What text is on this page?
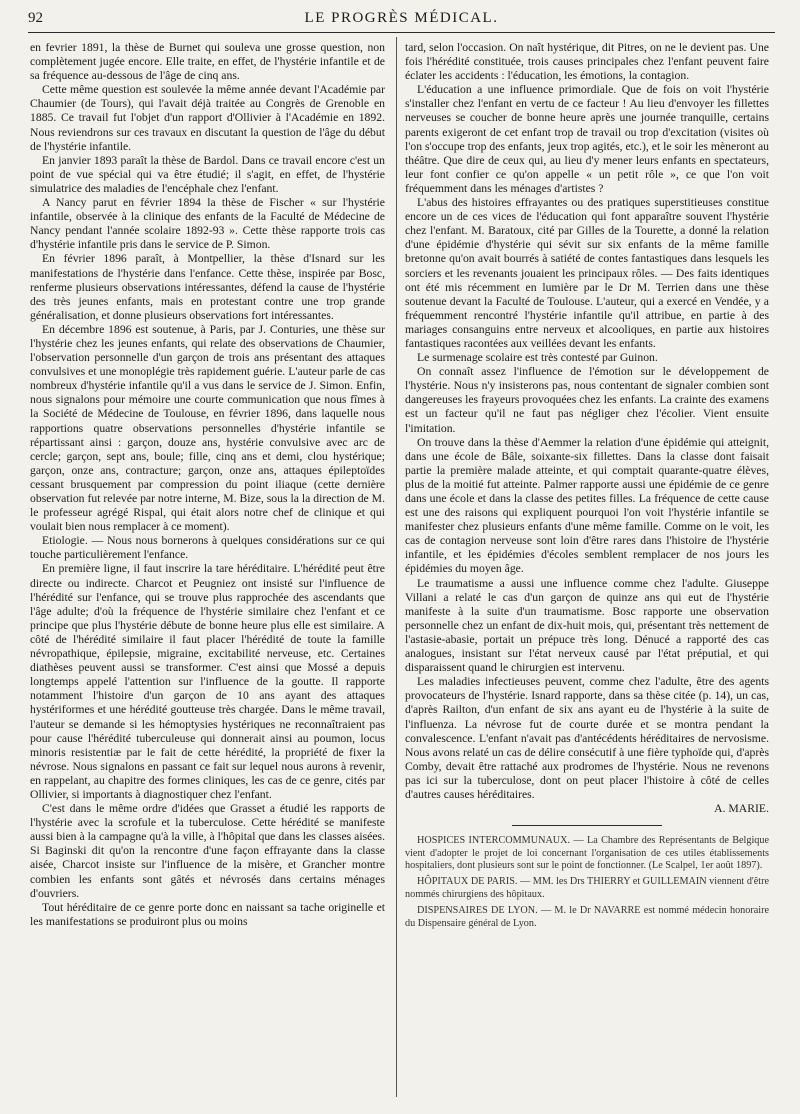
92	LE PROGRÈS MÉDICAL.

en fevrier 1891, la thèse de Burnet qui souleva une grosse question, non complètement jugée encore. Elle traite, en effet, de l'hystérie infantile et de sa fréquence au-dessous de l'âge de cinq ans.

Cette même question est soulevée la même année devant l'Académie par Chaumier (de Tours), qui l'avait déjà traitée au Congrès de Grenoble en 1885. Ce travail fut l'objet d'un rapport d'Ollivier à l'Académie en 1892. Nous reviendrons sur ces travaux en discutant la question de l'âge du début de l'hystérie infantile.

En janvier 1893 paraît la thèse de Bardol. Dans ce travail encore c'est un point de vue spécial qui va être étudié; il s'agit, en effet, de l'hystérie simulatrice des maladies de l'encéphale chez l'enfant.

A Nancy parut en février 1894 la thèse de Fischer « sur l'hystérie infantile, observée à la clinique des enfants de la Faculté de Médecine de Nancy pendant l'année scolaire 1892-93 ». Cette thèse rapporte trois cas d'hystérie infantile pris dans le service de P. Simon.

En février 1896 paraît, à Montpellier, la thèse d'Isnard sur les manifestations de l'hystérie dans l'enfance. Cette thèse, inspirée par Bosc, renferme plusieurs observations intéressantes, défend la cause de l'hystérie des très jeunes enfants, mais en protestant contre une trop grande généralisation, et donne plusieurs observations fort intéressantes.

En décembre 1896 est soutenue, à Paris, par J. Conturies, une thèse sur l'hystérie chez les jeunes enfants, qui relate des observations de Chaumier, l'observation personnelle d'un garçon de trois ans présentant des attaques convulsives et une monoplégie très rapidement guérie. L'auteur parle de cas nombreux d'hystérie infantile qu'il a vus dans le service de J. Simon. Enfin, nous signalons pour mémoire une courte communication que nous fîmes à la Société de Médecine de Toulouse, en février 1896, dans laquelle nous rapportions quatre observations personnelles d'hystérie infantile se répartissant ainsi : garçon, douze ans, hystérie convulsive avec arc de cercle; garçon, sept ans, boule; fille, cinq ans et demi, clou hystérique; garçon, onze ans, contracture; garçon, onze ans, attaques épileptoïdes cessant brusquement par compression du point iliaque (cette dernière observation fut relevée par notre interne, M. Bize, sous la la direction de M. le professeur agrégé Rispal, qui était alors notre chef de clinique et qui voulait bien nous remplacer à ce moment).

Etiologie. — Nous nous bornerons à quelques considérations sur ce qui touche particulièrement l'enfance.

En première ligne, il faut inscrire la tare héréditaire. L'hérédité peut être directe ou indirecte. Charcot et Peugniez ont insisté sur l'influence de l'hérédité sur l'enfance, qui se trouve plus rapprochée des ascendants que l'âge adulte; d'où la fréquence de l'hystérie similaire chez l'enfant et ce principe que plus l'hystérie débute de bonne heure plus elle est similaire. A côté de l'hérédité similaire il faut placer l'hérédité de toute la famille névropathique, épilepsie, migraine, excitabilité nerveuse, etc. Certaines diathèses peuvent aussi se transformer. C'est ainsi que Mossé a depuis longtemps appelé l'attention sur l'influence de la goutte. Il rapporte notamment l'histoire d'un garçon de 10 ans ayant des attaques hystériformes et une hérédité goutteuse très chargée. Dans le même travail, l'auteur se demande si les hémoptysies hystériques ne reconnaîtraient pas pour cause l'hérédité tuberculeuse qui donnerait ainsi au poumon, locus minoris resistentiæ par le fait de cette hérédité, la propriété de fixer la névrose. Nous signalons en passant ce fait sur lequel nous aurons à revenir, en rappelant, au chapitre des formes cliniques, les cas de ce genre, cités par Ollivier, si importants à diagnostiquer chez l'enfant.

C'est dans le même ordre d'idées que Grasset a étudié les rapports de l'hystérie avec la scrofule et la tuberculose. Cette hérédité se manifeste aussi bien à la campagne qu'à la ville, à l'hôpital que dans les classes aisées. Si Baginski dit qu'on la rencontre d'une façon effrayante dans la classe aisée, Charcot insiste sur l'influence de la misère, et Grancher montre combien les enfants sont gâtés et névrosés dans certains ménages d'ouvriers.

Tout héréditaire de ce genre porte donc en naissant sa tache originelle et les manifestations se produiront plus ou moins

tard, selon l'occasion. On naît hystérique, dit Pitres, on ne le devient pas. Une fois l'hérédité constituée, trois causes principales chez l'enfant peuvent faire éclater les accidents : l'éducation, les émotions, la contagion.

L'éducation a une influence primordiale. Que de fois on voit l'hystérie s'installer chez l'enfant en vertu de ce facteur ! Au lieu d'envoyer les fillettes nerveuses se coucher de bonne heure après une journée tranquille, certains parents exigeront de cet enfant trop de travail ou trop d'excitation (visites où l'on s'occupe trop des enfants, jeux trop agités, etc.), et le soir les mèneront au théâtre. Que dire de ceux qui, au lieu d'y mener leurs enfants en spectateurs, leur font confier ce qu'on appelle « un petit rôle », ce que l'on voit fréquemment dans les ménages d'artistes ?

L'abus des histoires effrayantes ou des pratiques superstitieuses constitue encore un de ces vices de l'éducation qui font apparaître souvent l'hystérie chez l'enfant. M. Baratoux, cité par Gilles de la Tourette, a donné la relation d'une épidémie d'hystérie qui sévit sur six enfants de la même famille bretonne qu'on avait bourrés à satiété de contes fantastiques dans lesquels les sorciers et les revenants jouaient les principaux rôles. — Des faits identiques ont été mis récemment en lumière par le Dr M. Terrien dans une thèse soutenue devant la Faculté de Toulouse. L'auteur, qui a exercé en Vendée, y a fréquemment rencontré l'hystérie infantile qu'il attribue, en partie à des mariages consanguins entre nerveux et alcooliques, en partie aux histoires fantastiques racontées aux veillées devant les enfants.

Le surmenage scolaire est très contesté par Guinon.

On connaît assez l'influence de l'émotion sur le développement de l'hystérie. Nous n'y insisterons pas, nous contentant de signaler combien sont dangereuses les frayeurs provoquées chez les enfants. La crainte des examens est un facteur qu'il ne faut pas négliger chez l'écolier. Vient ensuite l'imitation.

On trouve dans la thèse d'Aemmer la relation d'une épidémie qui atteignit, dans une école de Bâle, soixante-six fillettes. Dans la classe dont faisait partie la première malade atteinte, et qui comptait quarante-quatre élèves, plus de la moitié fut atteinte. Palmer rapporte aussi une épidémie de ce genre dans une école et dans la classe des petites filles. La fréquence de cette cause est une des raisons qui expliquent pourquoi l'on voit l'hystérie infantile se manifester chez plusieurs enfants d'une même famille. Comme on le voit, les cas de contagion nerveuse sont loin d'être rares dans l'histoire de l'hystérie infantile, et les épidémies d'écoles semblent remplacer de nos jours les épidémies du moyen âge.

Le traumatisme a aussi une influence comme chez l'adulte. Giuseppe Villani a relaté le cas d'un garçon de quinze ans qui eut de l'hystérie manifeste à la suite d'un traumatisme. Bosc rapporte une observation personnelle chez un enfant de dix-huit mois, qui, présentant très nettement de l'astasie-abasie, portait un prépuce très long. Dénucé a rapporté des cas analogues, insistant sur l'état nerveux causé par l'état préputial, et qui disparaissent quand le chirurgien est intervenu.

Les maladies infectieuses peuvent, comme chez l'adulte, être des agents provocateurs de l'hystérie. Isnard rapporte, dans sa thèse citée (p. 14), un cas, d'après Railton, d'un enfant de six ans ayant eu de l'hystérie à la suite de l'influenza. La névrose fut de courte durée et se montra pendant la convalescence. L'enfant n'avait pas d'antécédents héréditaires de nervosisme. Nous avons relaté un cas de délire consécutif à une fière typhoïde qui, d'après Comby, devait être rattaché aux prodromes de l'hystérie. Nous ne revenons pas ici sur la tuberculose, dont on peut placer l'histoire à côté de celles d'autres causes héréditaires.

A. MARIE.

HOSPICES INTERCOMMUNAUX. — La Chambre des Représentants de Belgique vient d'adopter le projet de loi concernant l'organisation de ces utiles établissements hospitaliers, dont plusieurs sont sur le point de fonctionner. (Le Scalpel, 1er août 1897).

HÔPITAUX DE PARIS. — MM. les Drs THIERRY et GUILLEMAIN viennent d'être nommés chirurgiens des hôpitaux.

DISPENSAIRES DE LYON. — M. le Dr NAVARRE est nommé médecin honoraire du Dispensaire général de Lyon.
